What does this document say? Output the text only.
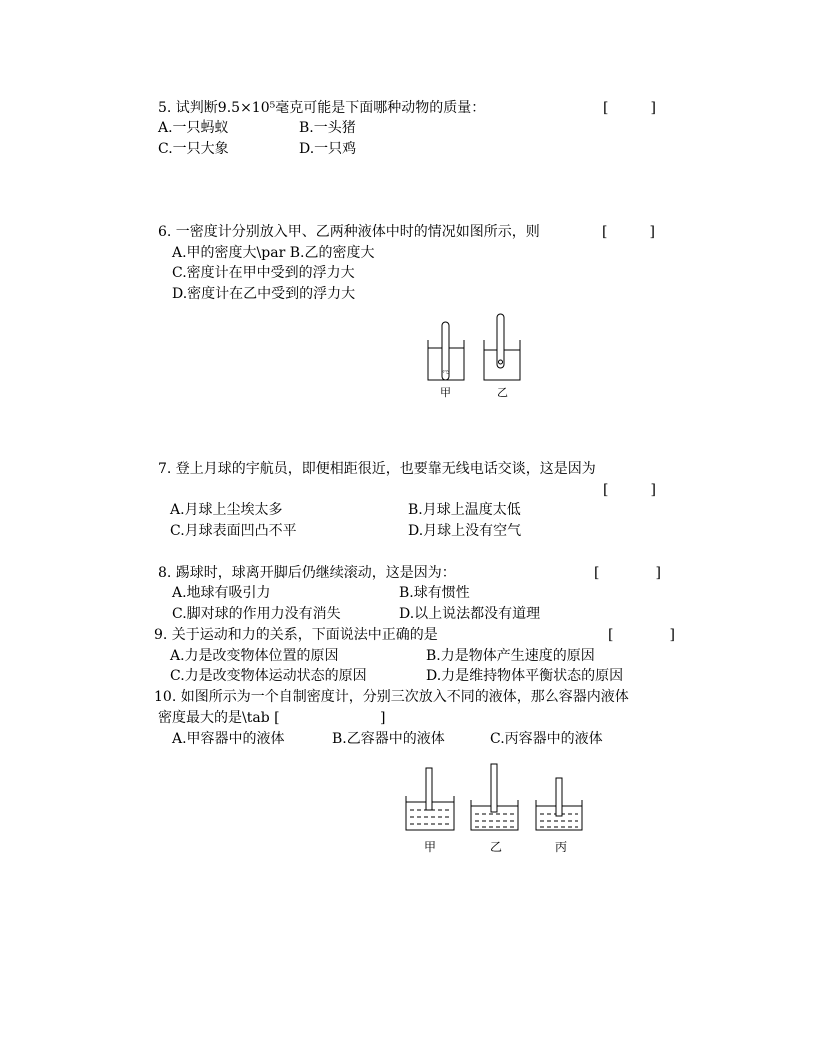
5. 试判断9.5×10⁵毫克可能是下面哪种动物的质量：	[　　　]
A.一只蚂蚁	B.一头猪
C.一只大象	D.一只鸡
6. 一密度计分别放入甲、乙两种液体中时的情况如图所示，则	[　　　]
A.甲的密度大\par B.乙的密度大
C.密度计在甲中受到的浮力大
D.密度计在乙中受到的浮力大
ಌ
甲	乙
7. 登上月球的宇航员，即便相距很近，也要靠无线电话交谈，这是因为
[　　　]
A.月球上尘埃太多	B.月球上温度太低
C.月球表面凹凸不平	D.月球上没有空气
8. 踢球时，球离开脚后仍继续滚动，这是因为：	[　　　　]
A.地球有吸引力	B.球有惯性
C.脚对球的作用力没有消失	D.以上说法都没有道理
9. 关于运动和力的关系，下面说法中正确的是	[　　　　]
A.力是改变物体位置的原因	B.力是物体产生速度的原因
C.力是改变物体运动状态的原因	D.力是维持物体平衡状态的原因
10. 如图所示为一个自制密度计，分别三次放入不同的液体，那么容器内液体
密度最大的是\tab [	]
A.甲容器中的液体	B.乙容器中的液体	C.丙容器中的液体
甲	乙	丙
